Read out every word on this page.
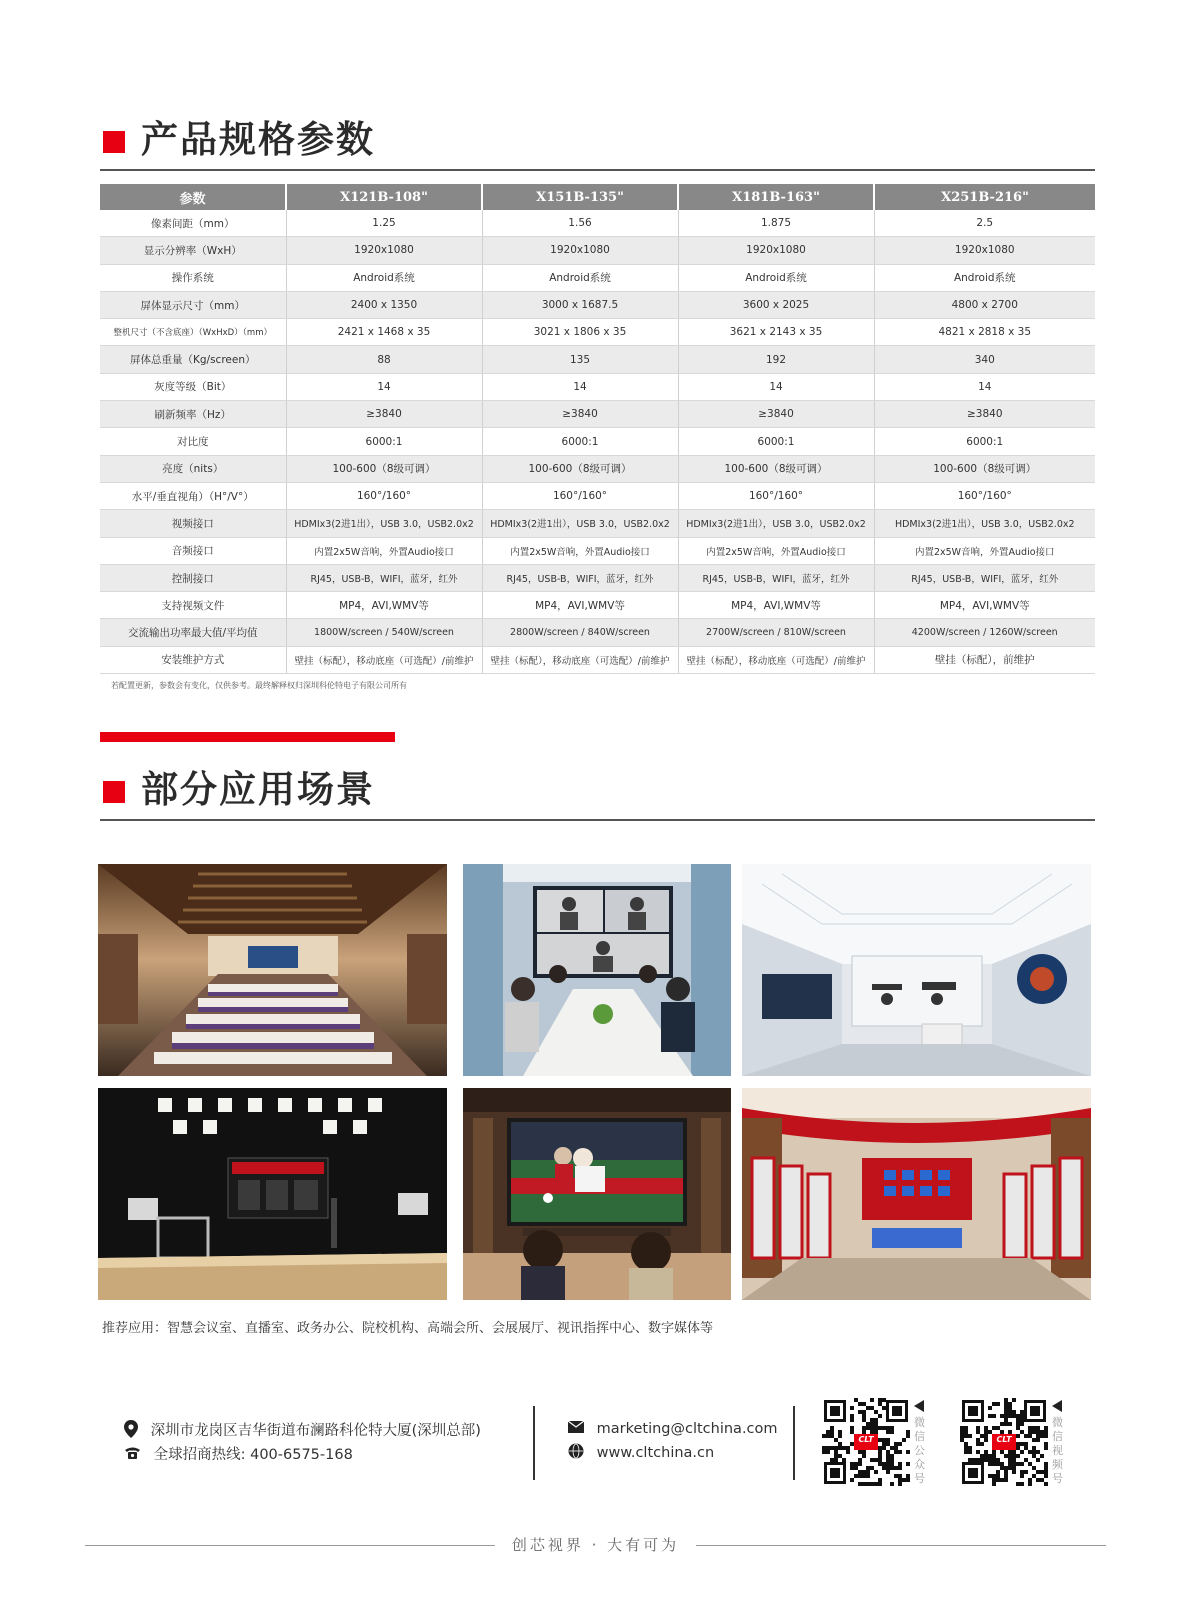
产品规格参数
参数	X121B-108"	X151B-135"	X181B-163"	X251B-216"
像素间距（mm）	1.25	1.56	1.875	2.5
显示分辨率（WxH）	1920x1080	1920x1080	1920x1080	1920x1080
操作系统	Android系统	Android系统	Android系统	Android系统
屏体显示尺寸（mm）	2400 x 1350	3000 x 1687.5	3600 x 2025	4800 x 2700
整机尺寸（不含底座）（WxHxD）（mm）	2421 x 1468 x 35	3021 x 1806 x 35	3621 x 2143 x 35	4821 x 2818 x 35
屏体总重量（Kg/screen）	88	135	192	340
灰度等级（Bit）	14	14	14	14
刷新频率（Hz）	≥3840	≥3840	≥3840	≥3840
对比度	6000:1	6000:1	6000:1	6000:1
亮度（nits）	100-600（8级可调）	100-600（8级可调）	100-600（8级可调）	100-600（8级可调）
水平/垂直视角）（H°/V°）	160°/160°	160°/160°	160°/160°	160°/160°
视频接口	HDMIx3(2进1出），USB 3.0，USB2.0x2	HDMIx3(2进1出），USB 3.0，USB2.0x2	HDMIx3(2进1出），USB 3.0，USB2.0x2	HDMIx3(2进1出），USB 3.0，USB2.0x2
音频接口	内置2x5W音响，外置Audio接口	内置2x5W音响，外置Audio接口	内置2x5W音响，外置Audio接口	内置2x5W音响，外置Audio接口
控制接口	RJ45，USB-B，WIFI，蓝牙，红外	RJ45，USB-B，WIFI，蓝牙，红外	RJ45，USB-B，WIFI，蓝牙，红外	RJ45，USB-B，WIFI，蓝牙，红外
支持视频文件	MP4，AVI,WMV等	MP4，AVI,WMV等	MP4，AVI,WMV等	MP4，AVI,WMV等
交流输出功率最大值/平均值	1800W/screen / 540W/screen	2800W/screen / 840W/screen	2700W/screen / 810W/screen	4200W/screen / 1260W/screen
安装维护方式	壁挂（标配），移动底座（可选配）/前维护	壁挂（标配），移动底座（可选配）/前维护	壁挂（标配），移动底座（可选配）/前维护	壁挂（标配），前维护
若配置更新，参数会有变化，仅供参考。最终解释权归深圳科伦特电子有限公司所有
部分应用场景
推荐应用：智慧会议室、直播室、政务办公、院校机构、高端会所、会展展厅、视讯指挥中心、数字媒体等
深圳市龙岗区吉华街道布澜路科伦特大厦(深圳总部)
全球招商热线: 400-6575-168
marketing@cltchina.com
www.cltchina.cn
CLT
微信公众号
CLT
微信视频号
创芯视界 · 大有可为
